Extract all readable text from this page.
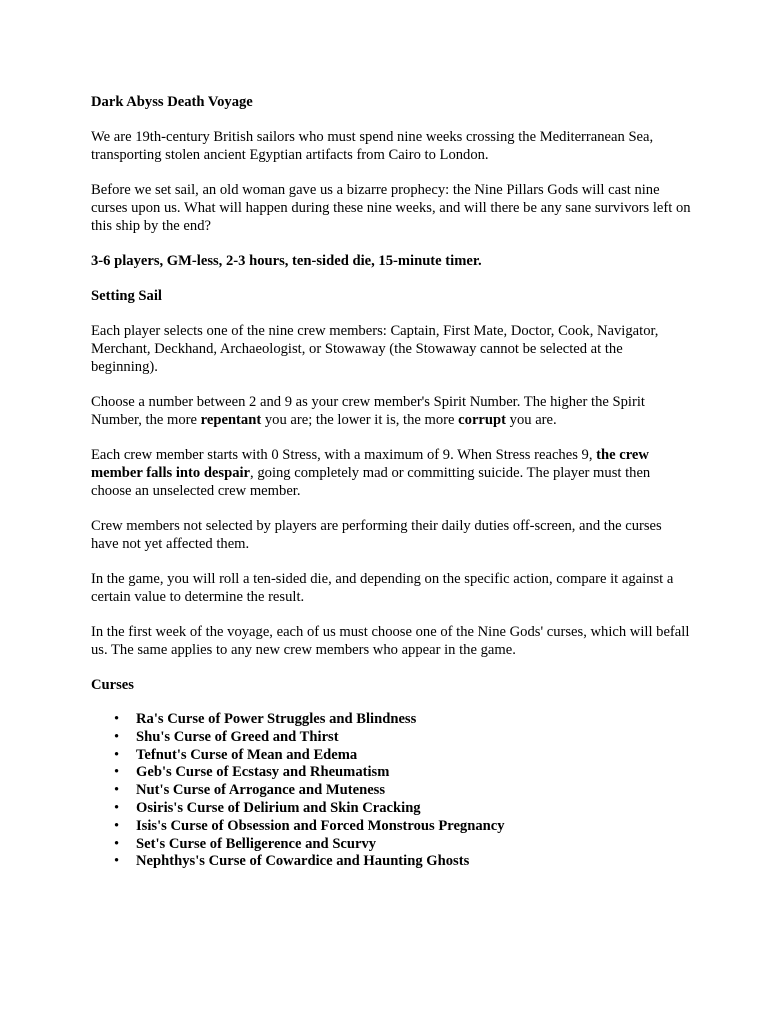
Dark Abyss Death Voyage

We are 19th-century British sailors who must spend nine weeks crossing the Mediterranean Sea, transporting stolen ancient Egyptian artifacts from Cairo to London.

Before we set sail, an old woman gave us a bizarre prophecy: the Nine Pillars Gods will cast nine curses upon us. What will happen during these nine weeks, and will there be any sane survivors left on this ship by the end?

3-6 players, GM-less, 2-3 hours, ten-sided die, 15-minute timer.

Setting Sail

Each player selects one of the nine crew members: Captain, First Mate, Doctor, Cook, Navigator, Merchant, Deckhand, Archaeologist, or Stowaway (the Stowaway cannot be selected at the beginning).

Choose a number between 2 and 9 as your crew member's Spirit Number. The higher the Spirit Number, the more repentant you are; the lower it is, the more corrupt you are.

Each crew member starts with 0 Stress, with a maximum of 9. When Stress reaches 9, the crew member falls into despair, going completely mad or committing suicide. The player must then choose an unselected crew member.

Crew members not selected by players are performing their daily duties off-screen, and the curses have not yet affected them.

In the game, you will roll a ten-sided die, and depending on the specific action, compare it against a certain value to determine the result.

In the first week of the voyage, each of us must choose one of the Nine Gods' curses, which will befall us. The same applies to any new crew members who appear in the game.

Curses

• Ra's Curse of Power Struggles and Blindness
• Shu's Curse of Greed and Thirst
• Tefnut's Curse of Mean and Edema
• Geb's Curse of Ecstasy and Rheumatism
• Nut's Curse of Arrogance and Muteness
• Osiris's Curse of Delirium and Skin Cracking
• Isis's Curse of Obsession and Forced Monstrous Pregnancy
• Set's Curse of Belligerence and Scurvy
• Nephthys's Curse of Cowardice and Haunting Ghosts
